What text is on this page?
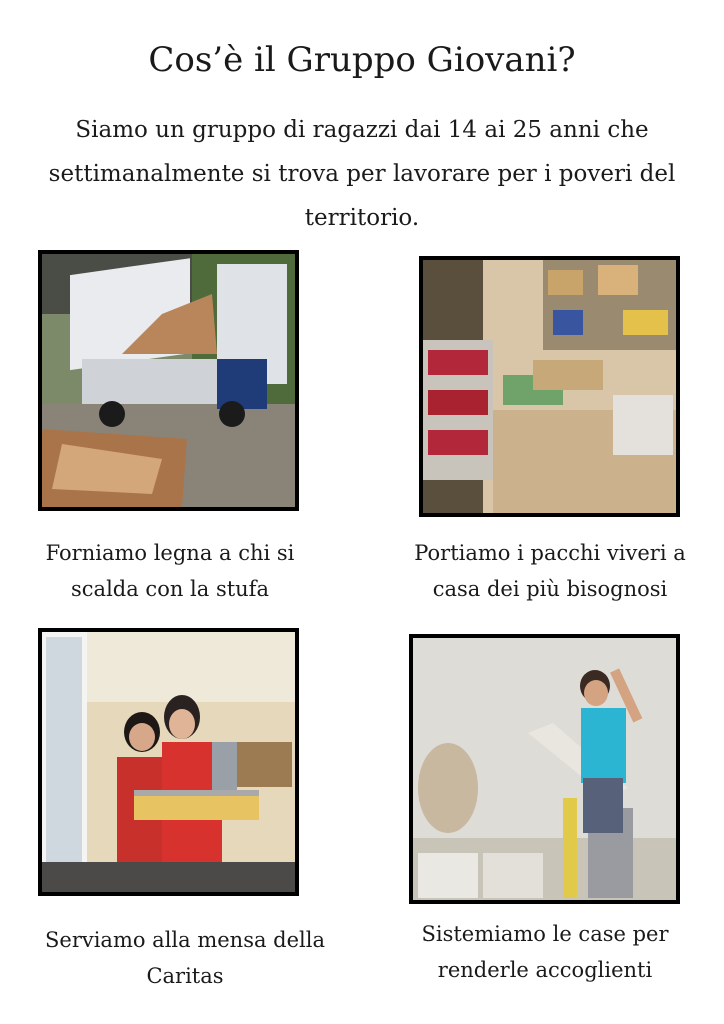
Cos’è il Gruppo Giovani?

Siamo un gruppo di ragazzi dai 14 ai 25 anni che settimanalmente si trova per lavorare per i poveri del territorio.

Forniamo legna a chi si
scalda con la stufa

Portiamo i pacchi viveri a
casa dei più bisognosi

Serviamo alla mensa della
Caritas

Sistemiamo le case per
renderle accoglienti
